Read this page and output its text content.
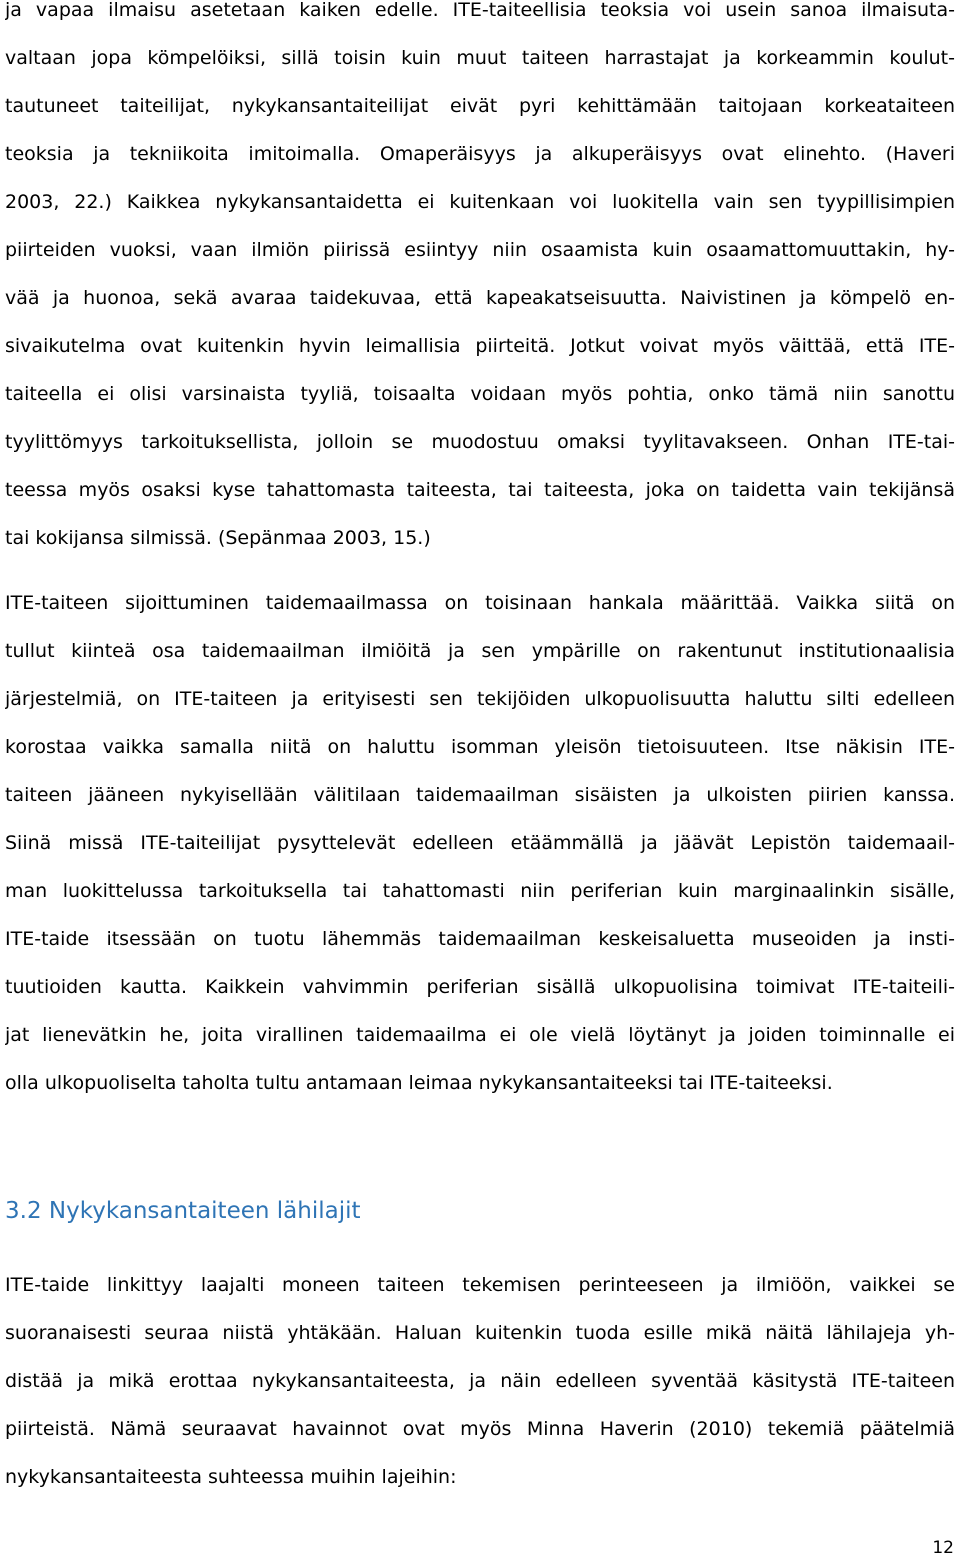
ja vapaa ilmaisu asetetaan kaiken edelle. ITE-taiteellisia teoksia voi usein sanoa ilmaisuta-
valtaan jopa kömpelöiksi, sillä toisin kuin muut taiteen harrastajat ja korkeammin koulut-
tautuneet taiteilijat, nykykansantaiteilijat eivät pyri kehittämään taitojaan korkeataiteen
teoksia ja tekniikoita imitoimalla. Omaperäisyys ja alkuperäisyys ovat elinehto. (Haveri
2003, 22.) Kaikkea nykykansantaidetta ei kuitenkaan voi luokitella vain sen tyypillisimpien
piirteiden vuoksi, vaan ilmiön piirissä esiintyy niin osaamista kuin osaamattomuuttakin, hy-
vää ja huonoa, sekä avaraa taidekuvaa, että kapeakatseisuutta. Naivistinen ja kömpelö en-
sivaikutelma ovat kuitenkin hyvin leimallisia piirteitä. Jotkut voivat myös väittää, että ITE-
taiteella ei olisi varsinaista tyyliä, toisaalta voidaan myös pohtia, onko tämä niin sanottu
tyylittömyys tarkoituksellista, jolloin se muodostuu omaksi tyylitavakseen. Onhan ITE-tai-
teessa myös osaksi kyse tahattomasta taiteesta, tai taiteesta, joka on taidetta vain tekijänsä
tai kokijansa silmissä. (Sepänmaa 2003, 15.)
ITE-taiteen sijoittuminen taidemaailmassa on toisinaan hankala määrittää. Vaikka siitä on
tullut kiinteä osa taidemaailman ilmiöitä ja sen ympärille on rakentunut institutionaalisia
järjestelmiä, on ITE-taiteen ja erityisesti sen tekijöiden ulkopuolisuutta haluttu silti edelleen
korostaa vaikka samalla niitä on haluttu isomman yleisön tietoisuuteen. Itse näkisin ITE-
taiteen jääneen nykyisellään välitilaan taidemaailman sisäisten ja ulkoisten piirien kanssa.
Siinä missä ITE-taiteilijat pysyttelevät edelleen etäämmällä ja jäävät Lepistön taidemaail-
man luokittelussa tarkoituksella tai tahattomasti niin periferian kuin marginaalinkin sisälle,
ITE-taide itsessään on tuotu lähemmäs taidemaailman keskeisaluetta museoiden ja insti-
tuutioiden kautta. Kaikkein vahvimmin periferian sisällä ulkopuolisina toimivat ITE-taiteili-
jat lienevätkin he, joita virallinen taidemaailma ei ole vielä löytänyt ja joiden toiminnalle ei
olla ulkopuoliselta taholta tultu antamaan leimaa nykykansantaiteeksi tai ITE-taiteeksi.
3.2 Nykykansantaiteen lähilajit
ITE-taide linkittyy laajalti moneen taiteen tekemisen perinteeseen ja ilmiöön, vaikkei se
suoranaisesti seuraa niistä yhtäkään. Haluan kuitenkin tuoda esille mikä näitä lähilajeja yh-
distää ja mikä erottaa nykykansantaiteesta, ja näin edelleen syventää käsitystä ITE-taiteen
piirteistä. Nämä seuraavat havainnot ovat myös Minna Haverin (2010) tekemiä päätelmiä
nykykansantaiteesta suhteessa muihin lajeihin:
12
